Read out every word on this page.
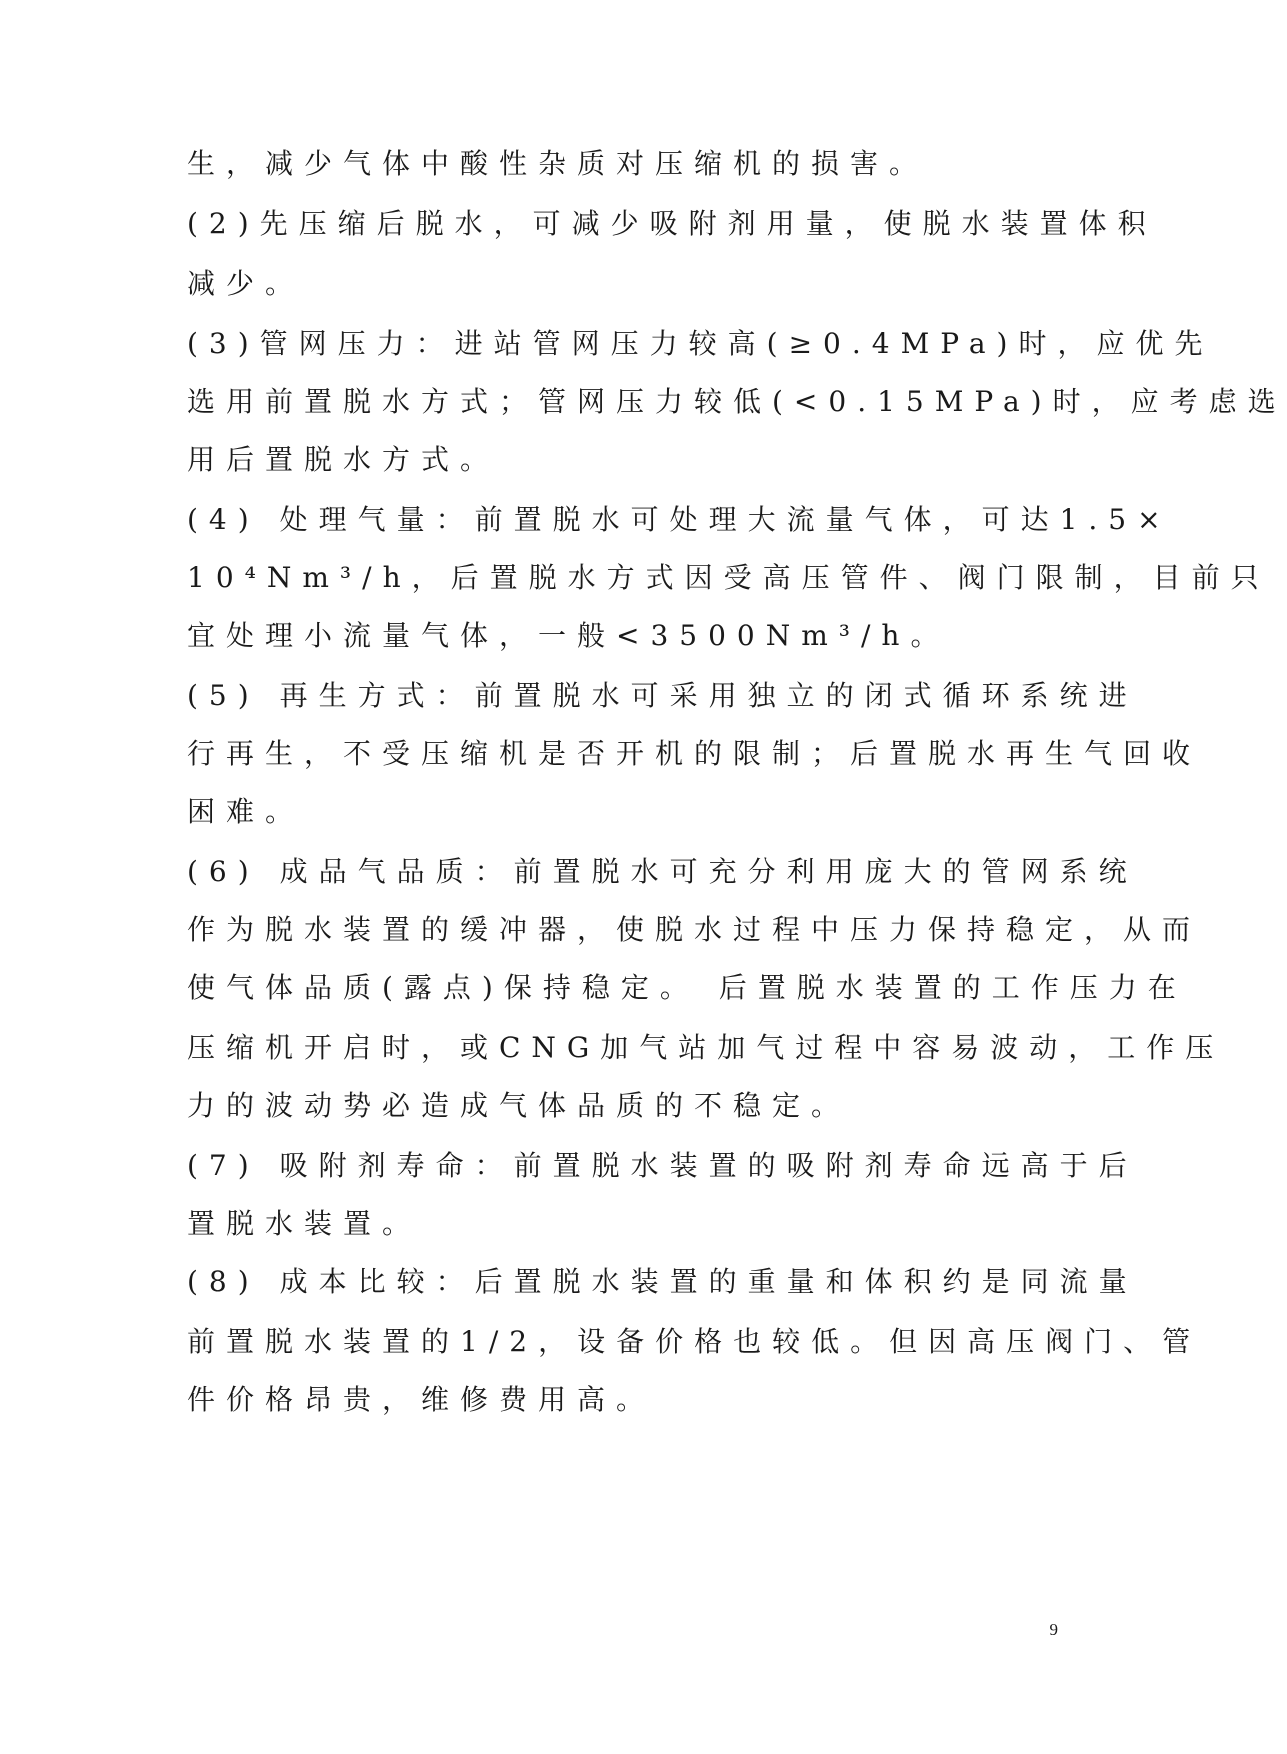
生，减少气体中酸性杂质对压缩机的损害。
(2)先压缩后脱水，可减少吸附剂用量，使脱水装置体积
减少。
(3)管网压力：进站管网压力较高(≥0.4MPa)时，应优先
选用前置脱水方式；管网压力较低(<0.15MPa)时，应考虑选
用后置脱水方式。
(4) 处理气量：前置脱水可处理大流量气体，可达1.5×
10⁴Nm³/h，后置脱水方式因受高压管件、阀门限制，目前只
宜处理小流量气体，一般<3500Nm³/h。
(5) 再生方式：前置脱水可采用独立的闭式循环系统进
行再生，不受压缩机是否开机的限制；后置脱水再生气回收
困难。
(6) 成品气品质：前置脱水可充分利用庞大的管网系统
作为脱水装置的缓冲器，使脱水过程中压力保持稳定，从而
使气体品质(露点)保持稳定。 后置脱水装置的工作压力在
压缩机开启时，或CNG加气站加气过程中容易波动，工作压
力的波动势必造成气体品质的不稳定。
(7) 吸附剂寿命：前置脱水装置的吸附剂寿命远高于后
置脱水装置。
(8) 成本比较：后置脱水装置的重量和体积约是同流量
前置脱水装置的1/2，设备价格也较低。但因高压阀门、管
件价格昂贵，维修费用高。
9
